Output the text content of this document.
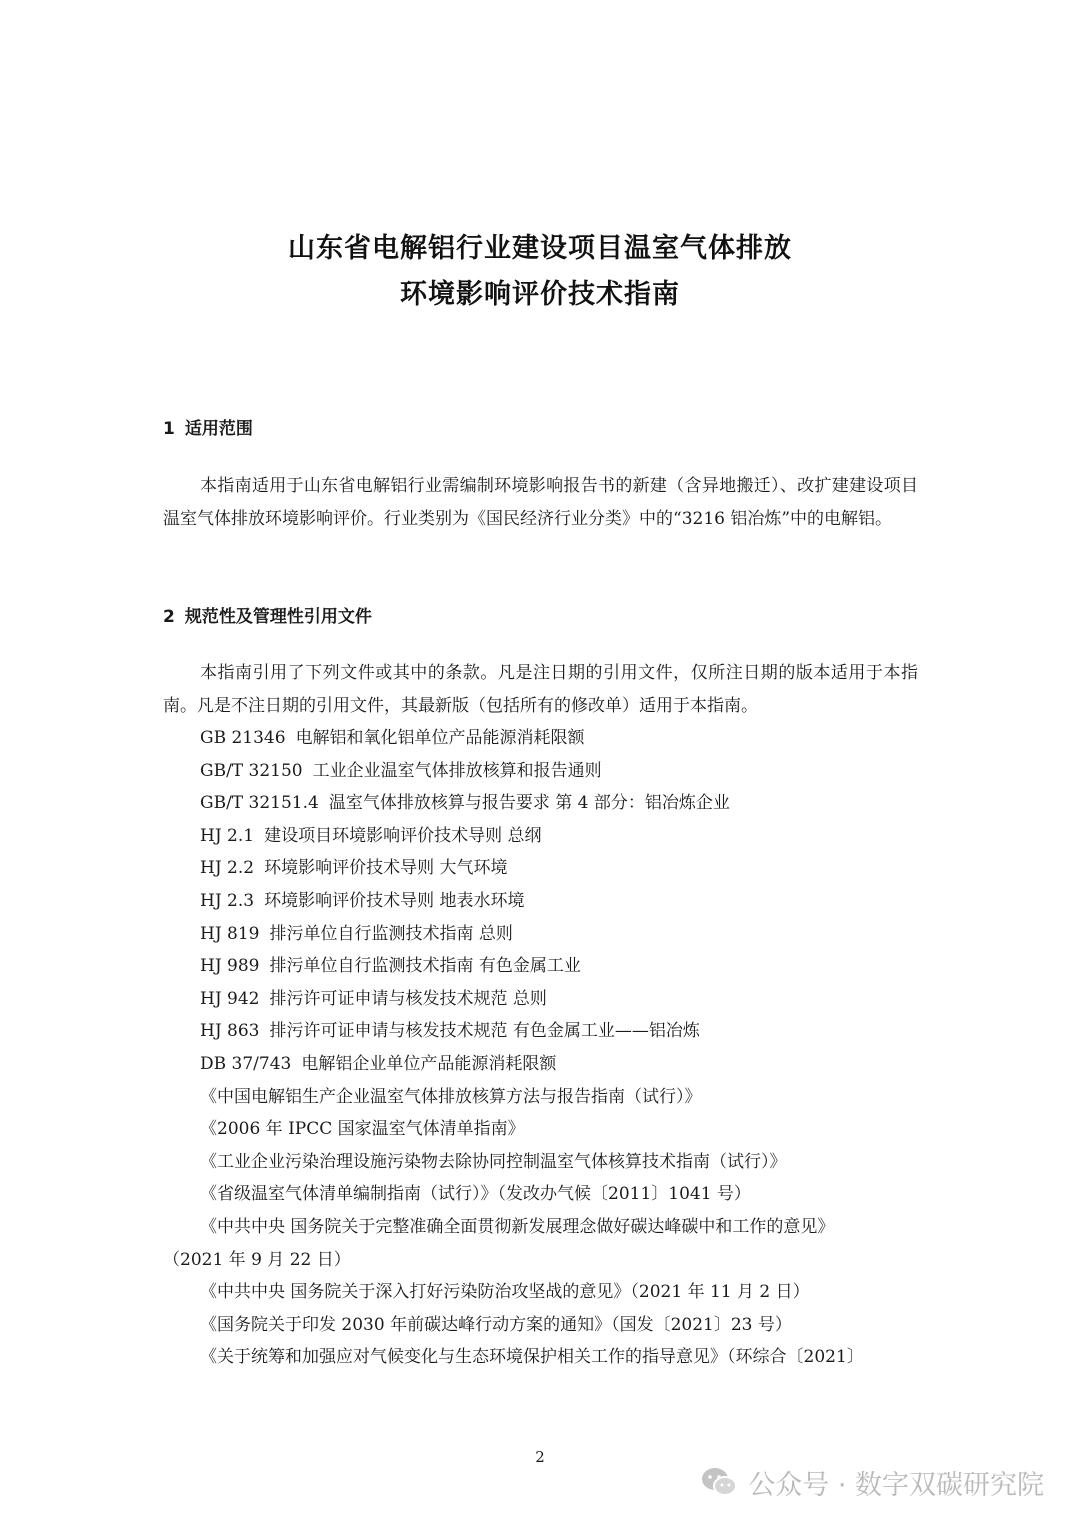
山东省电解铝行业建设项目温室气体排放
环境影响评价技术指南
1 适用范围

本指南适用于山东省电解铝行业需编制环境影响报告书的新建（含异地搬迁）、改扩建建设项目温室气体排放环境影响评价。行业类别为《国民经济行业分类》中的“3216 铝冶炼”中的电解铝。

2 规范性及管理性引用文件

本指南引用了下列文件或其中的条款。凡是注日期的引用文件，仅所注日期的版本适用于本指南。凡是不注日期的引用文件，其最新版（包括所有的修改单）适用于本指南。

GB 21346 电解铝和氧化铝单位产品能源消耗限额
GB/T 32150 工业企业温室气体排放核算和报告通则
GB/T 32151.4 温室气体排放核算与报告要求 第 4 部分：铝冶炼企业
HJ 2.1 建设项目环境影响评价技术导则 总纲
HJ 2.2 环境影响评价技术导则 大气环境
HJ 2.3 环境影响评价技术导则 地表水环境
HJ 819 排污单位自行监测技术指南 总则
HJ 989 排污单位自行监测技术指南 有色金属工业
HJ 942 排污许可证申请与核发技术规范 总则
HJ 863 排污许可证申请与核发技术规范 有色金属工业——铝冶炼
DB 37/743 电解铝企业单位产品能源消耗限额
《中国电解铝生产企业温室气体排放核算方法与报告指南（试行）》
《2006 年 IPCC 国家温室气体清单指南》
《工业企业污染治理设施污染物去除协同控制温室气体核算技术指南（试行）》
《省级温室气体清单编制指南（试行）》（发改办气候〔2011〕1041 号）
《中共中央 国务院关于完整准确全面贯彻新发展理念做好碳达峰碳中和工作的意见》
（2021 年 9 月 22 日）
《中共中央 国务院关于深入打好污染防治攻坚战的意见》（2021 年 11 月 2 日）
《国务院关于印发 2030 年前碳达峰行动方案的通知》（国发〔2021〕23 号）
《关于统筹和加强应对气候变化与生态环境保护相关工作的指导意见》（环综合〔2021〕
2
公众号 · 数字双碳研究院
